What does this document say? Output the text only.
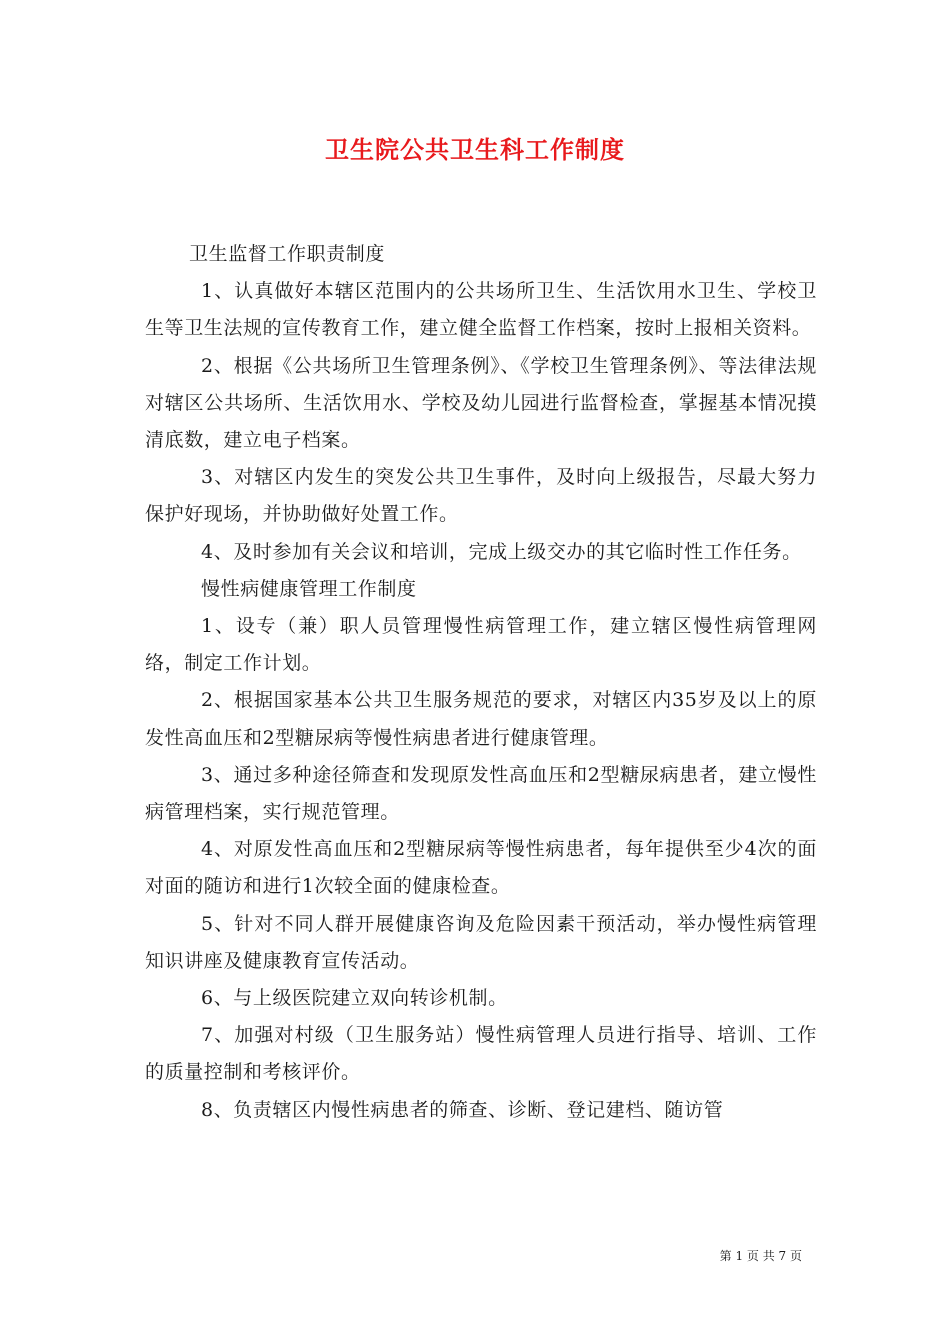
卫生院公共卫生科工作制度

卫生监督工作职责制度

1、认真做好本辖区范围内的公共场所卫生、生活饮用水卫生、学校卫生等卫生法规的宣传教育工作，建立健全监督工作档案，按时上报相关资料。

2、根据《公共场所卫生管理条例》、《学校卫生管理条例》、等法律法规对辖区公共场所、生活饮用水、学校及幼儿园进行监督检查，掌握基本情况摸清底数，建立电子档案。

3、对辖区内发生的突发公共卫生事件，及时向上级报告，尽最大努力保护好现场，并协助做好处置工作。

4、及时参加有关会议和培训，完成上级交办的其它临时性工作任务。

慢性病健康管理工作制度

1、设专（兼）职人员管理慢性病管理工作，建立辖区慢性病管理网络，制定工作计划。

2、根据国家基本公共卫生服务规范的要求，对辖区内35岁及以上的原发性高血压和2型糖尿病等慢性病患者进行健康管理。

3、通过多种途径筛查和发现原发性高血压和2型糖尿病患者，建立慢性病管理档案，实行规范管理。

4、对原发性高血压和2型糖尿病等慢性病患者，每年提供至少4次的面对面的随访和进行1次较全面的健康检查。

5、针对不同人群开展健康咨询及危险因素干预活动，举办慢性病管理知识讲座及健康教育宣传活动。

6、与上级医院建立双向转诊机制。

7、加强对村级（卫生服务站）慢性病管理人员进行指导、培训、工作的质量控制和考核评价。

8、负责辖区内慢性病患者的筛查、诊断、登记建档、随访管

第 1 页 共 7 页
